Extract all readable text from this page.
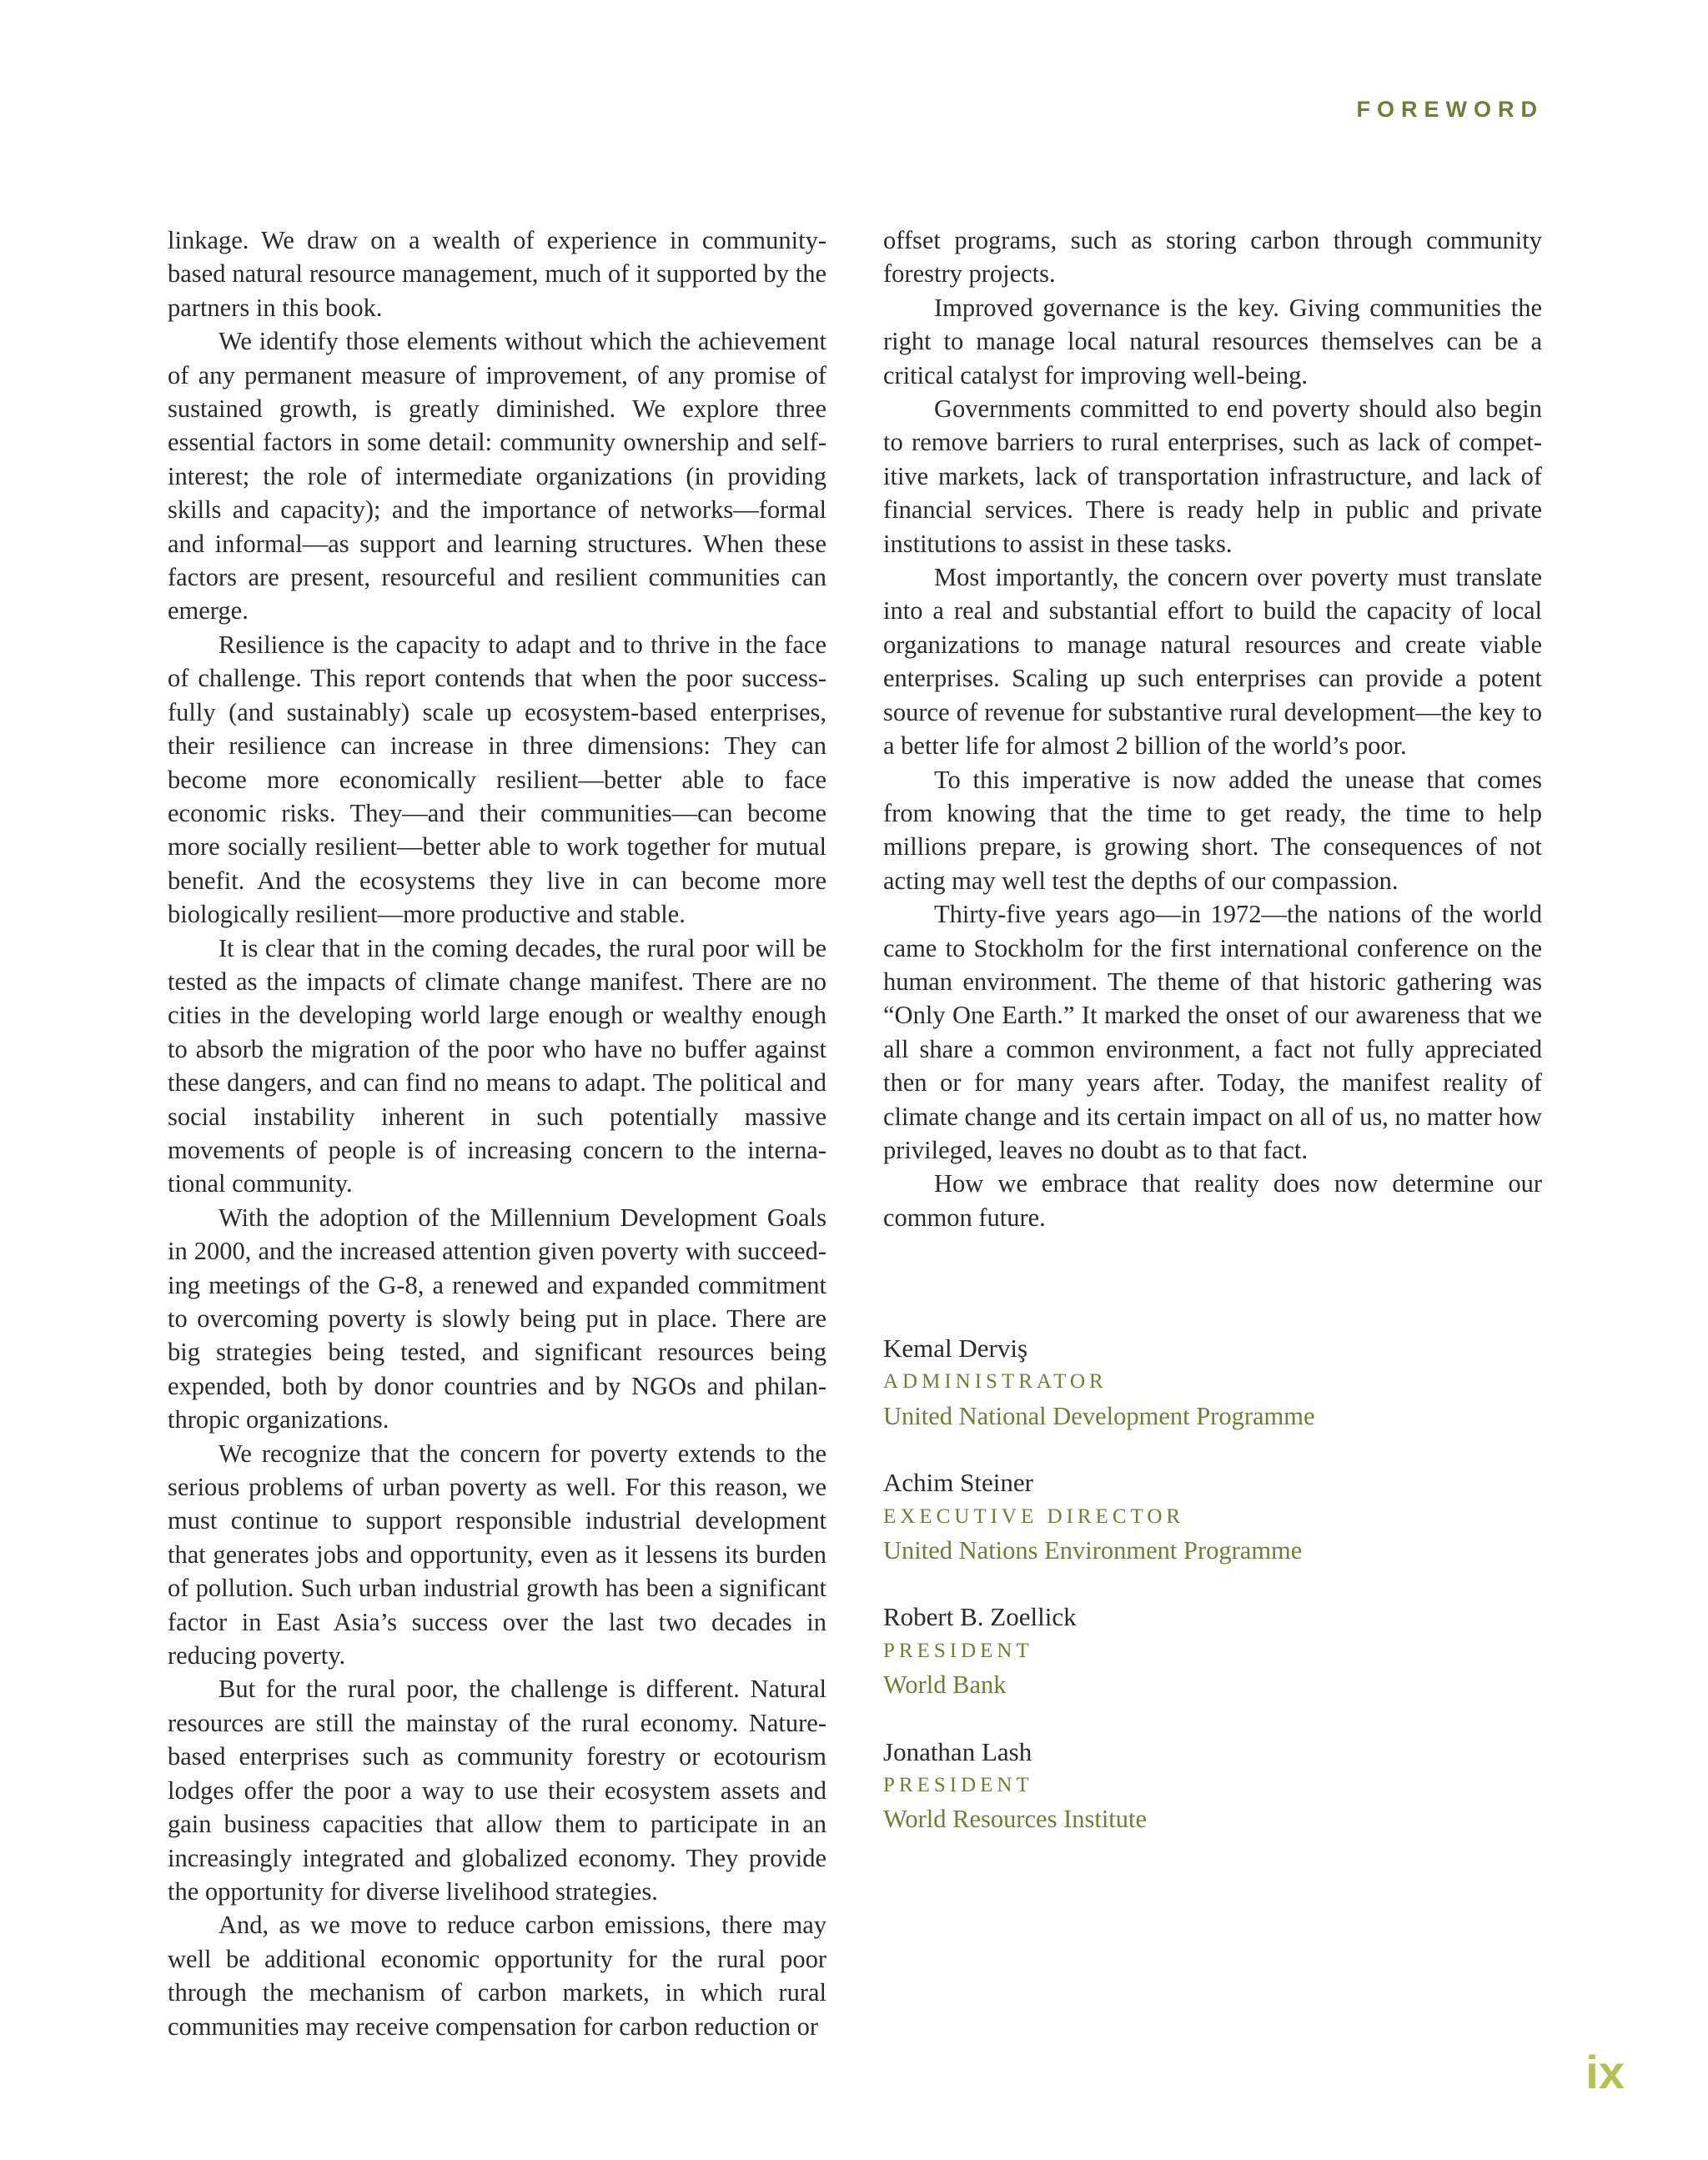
FOREWORD

linkage. We draw on a wealth of experience in community-based natural resource management, much of it supported by the partners in this book.

We identify those elements without which the achievement of any permanent measure of improvement, of any promise of sustained growth, is greatly diminished. We explore three essential factors in some detail: community ownership and self-interest; the role of intermediate organizations (in providing skills and capacity); and the importance of networks—formal and informal—as support and learning structures. When these factors are present, resourceful and resilient communities can emerge.

Resilience is the capacity to adapt and to thrive in the face of challenge. This report contends that when the poor successfully (and sustainably) scale up ecosystem-based enterprises, their resilience can increase in three dimensions: They can become more economically resilient—better able to face economic risks. They—and their communities—can become more socially resilient—better able to work together for mutual benefit. And the ecosystems they live in can become more biologically resilient—more productive and stable.

It is clear that in the coming decades, the rural poor will be tested as the impacts of climate change manifest. There are no cities in the developing world large enough or wealthy enough to absorb the migration of the poor who have no buffer against these dangers, and can find no means to adapt. The political and social instability inherent in such potentially massive movements of people is of increasing concern to the international community.

With the adoption of the Millennium Development Goals in 2000, and the increased attention given poverty with succeeding meetings of the G-8, a renewed and expanded commitment to overcoming poverty is slowly being put in place. There are big strategies being tested, and significant resources being expended, both by donor countries and by NGOs and philanthropic organizations.

We recognize that the concern for poverty extends to the serious problems of urban poverty as well. For this reason, we must continue to support responsible industrial development that generates jobs and opportunity, even as it lessens its burden of pollution. Such urban industrial growth has been a significant factor in East Asia’s success over the last two decades in reducing poverty.

But for the rural poor, the challenge is different. Natural resources are still the mainstay of the rural economy. Nature-based enterprises such as community forestry or ecotourism lodges offer the poor a way to use their ecosystem assets and gain business capacities that allow them to participate in an increasingly integrated and globalized economy. They provide the opportunity for diverse livelihood strategies.

And, as we move to reduce carbon emissions, there may well be additional economic opportunity for the rural poor through the mechanism of carbon markets, in which rural communities may receive compensation for carbon reduction or

offset programs, such as storing carbon through community forestry projects.

Improved governance is the key. Giving communities the right to manage local natural resources themselves can be a critical catalyst for improving well-being.

Governments committed to end poverty should also begin to remove barriers to rural enterprises, such as lack of competitive markets, lack of transportation infrastructure, and lack of financial services. There is ready help in public and private institutions to assist in these tasks.

Most importantly, the concern over poverty must translate into a real and substantial effort to build the capacity of local organizations to manage natural resources and create viable enterprises. Scaling up such enterprises can provide a potent source of revenue for substantive rural development—the key to a better life for almost 2 billion of the world’s poor.

To this imperative is now added the unease that comes from knowing that the time to get ready, the time to help millions prepare, is growing short. The consequences of not acting may well test the depths of our compassion.

Thirty-five years ago—in 1972—the nations of the world came to Stockholm for the first international conference on the human environment. The theme of that historic gathering was “Only One Earth.” It marked the onset of our awareness that we all share a common environment, a fact not fully appreciated then or for many years after. Today, the manifest reality of climate change and its certain impact on all of us, no matter how privileged, leaves no doubt as to that fact.

How we embrace that reality does now determine our common future.

Kemal Derviş
ADMINISTRATOR
United National Development Programme
Achim Steiner
EXECUTIVE DIRECTOR
United Nations Environment Programme
Robert B. Zoellick
PRESIDENT
World Bank
Jonathan Lash
PRESIDENT
World Resources Institute
ix
